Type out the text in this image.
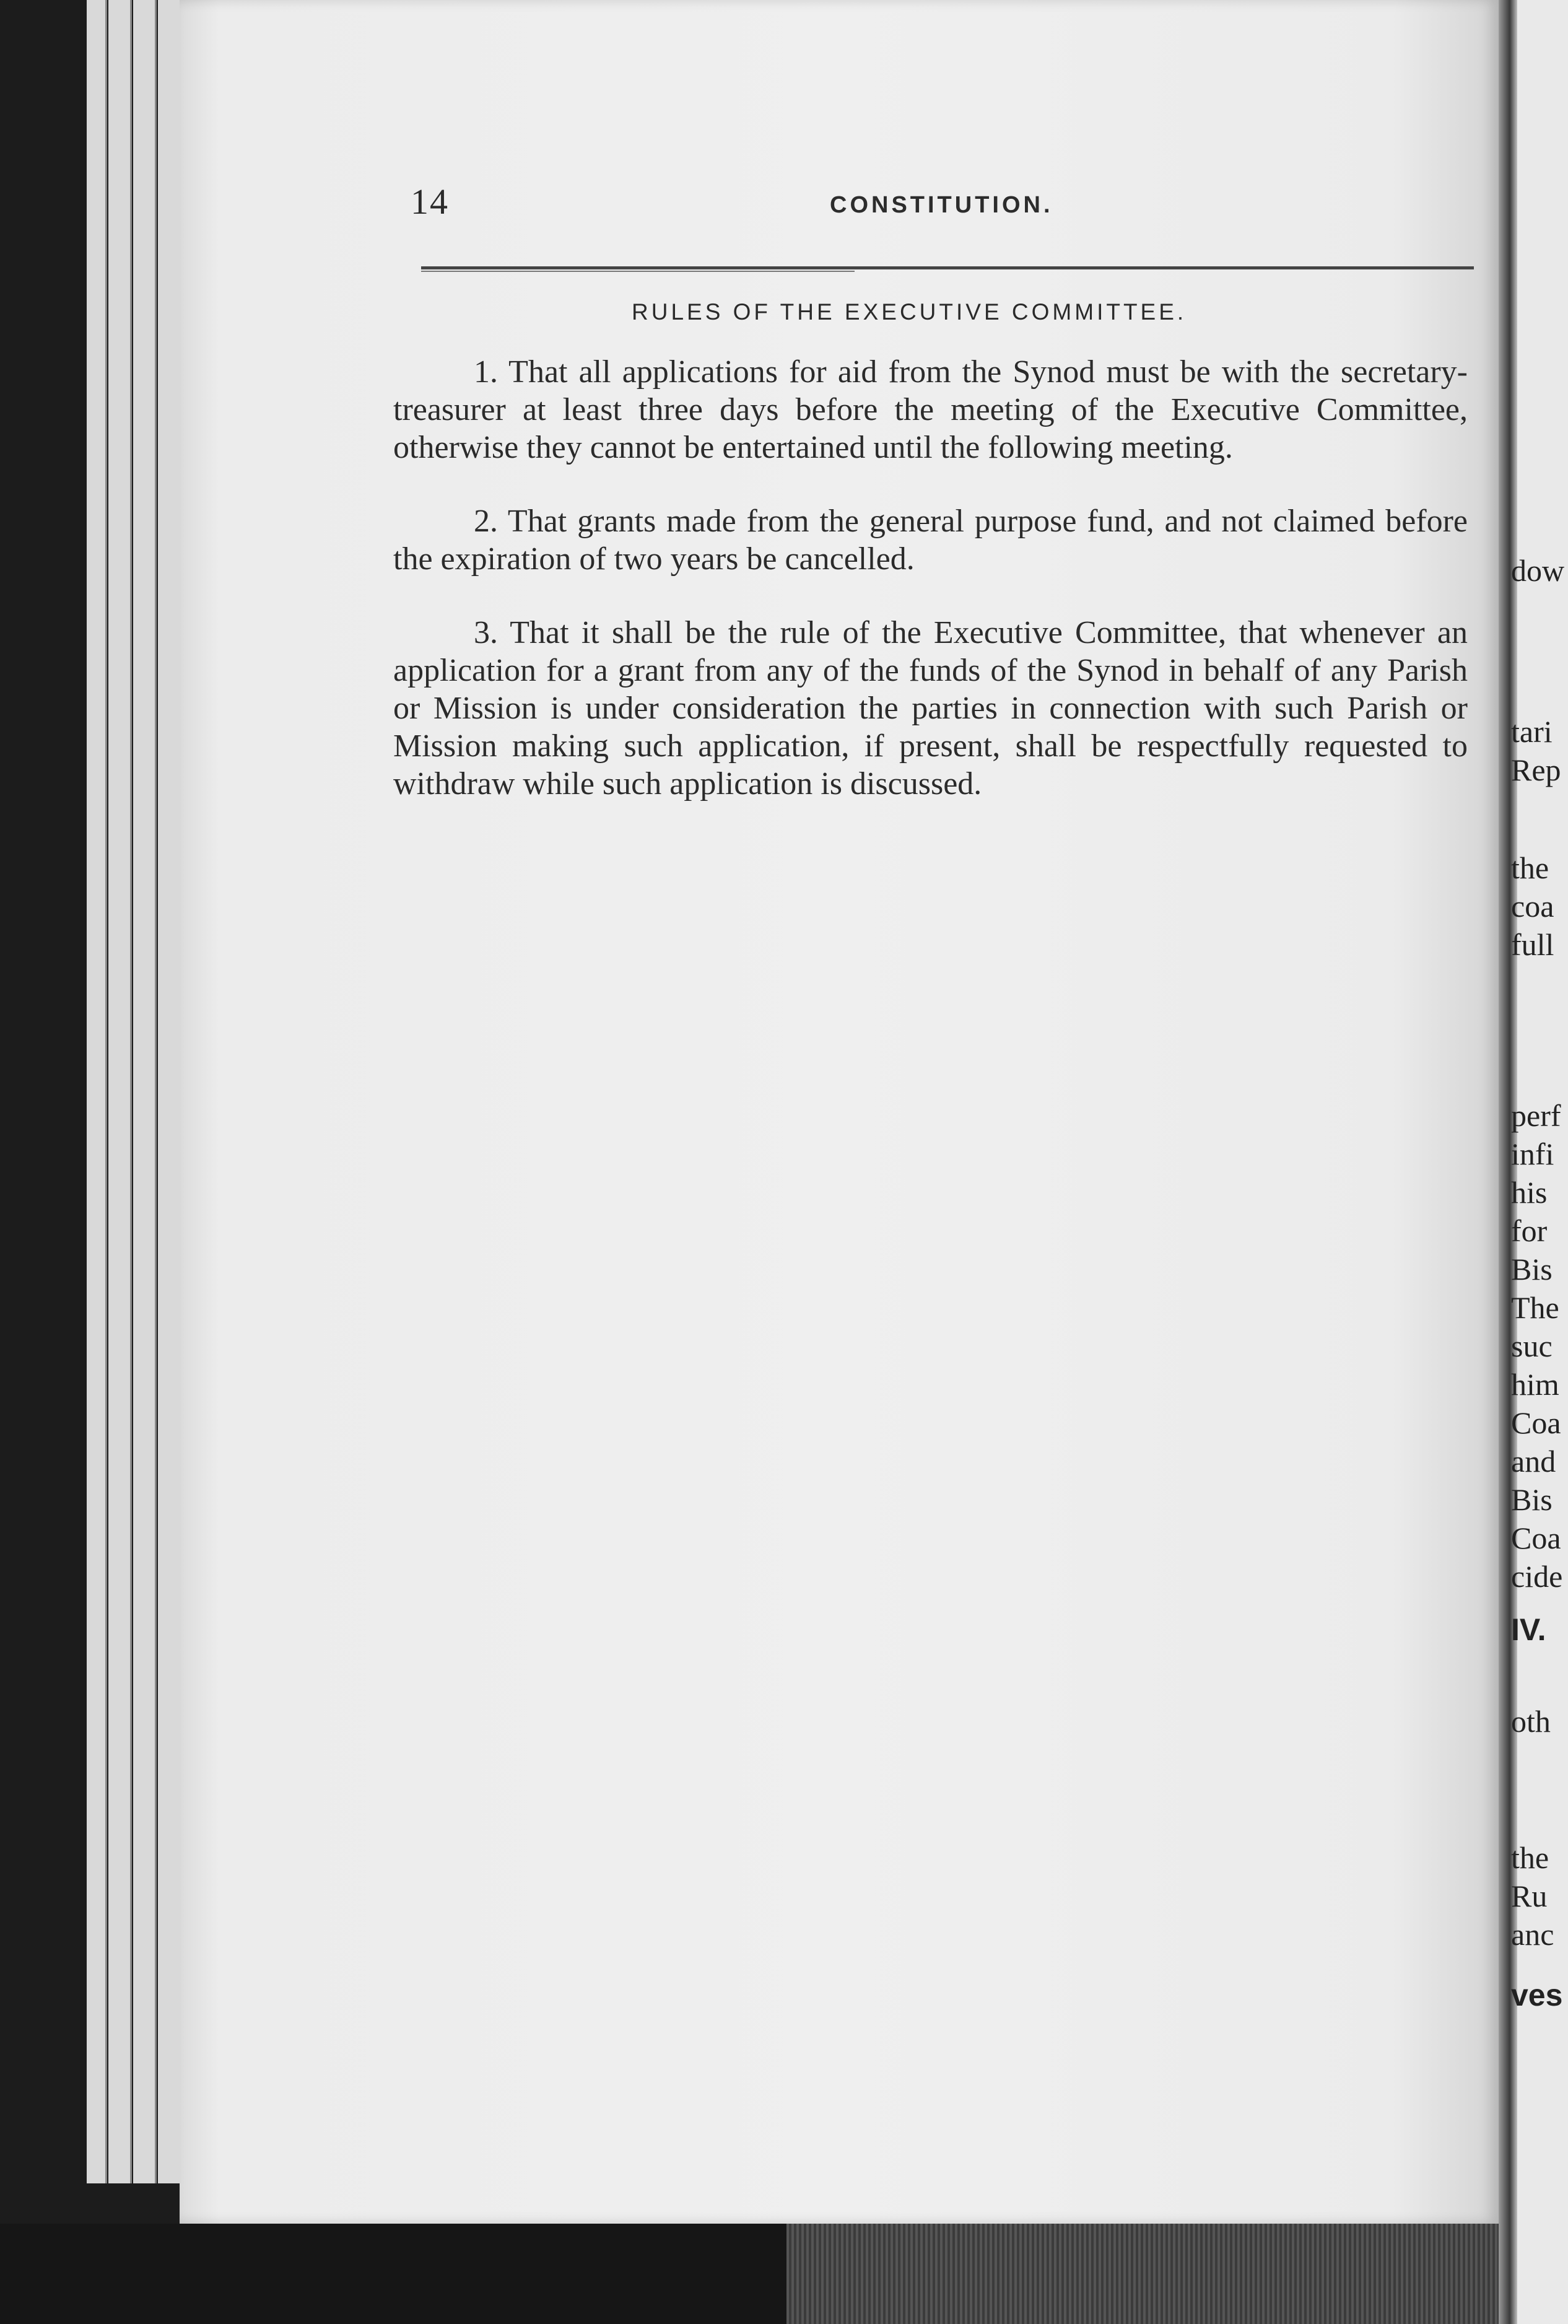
14	CONSTITUTION.
RULES OF THE EXECUTIVE COMMITTEE.

1. That all applications for aid from the Synod must be with the secretary-treasurer at least three days before the meeting of the Executive Committee, otherwise they cannot be entertained until the following meeting.

2. That grants made from the general purpose fund, and not claimed before the expiration of two years be cancelled.

3. That it shall be the rule of the Executive Committee, that whenever an application for a grant from any of the funds of the Synod in behalf of any Parish or Mission is under consideration the parties in connection with such Parish or Mission making such application, if present, shall be respectfully requested to withdraw while such application is discussed.

dow
tari
Rep
the
coa
full
perf
infi
his
for
Bis
The
suc
him
Coa
and
Bis
Coa
cide
IV.
oth
the
Ru
anc
ves
